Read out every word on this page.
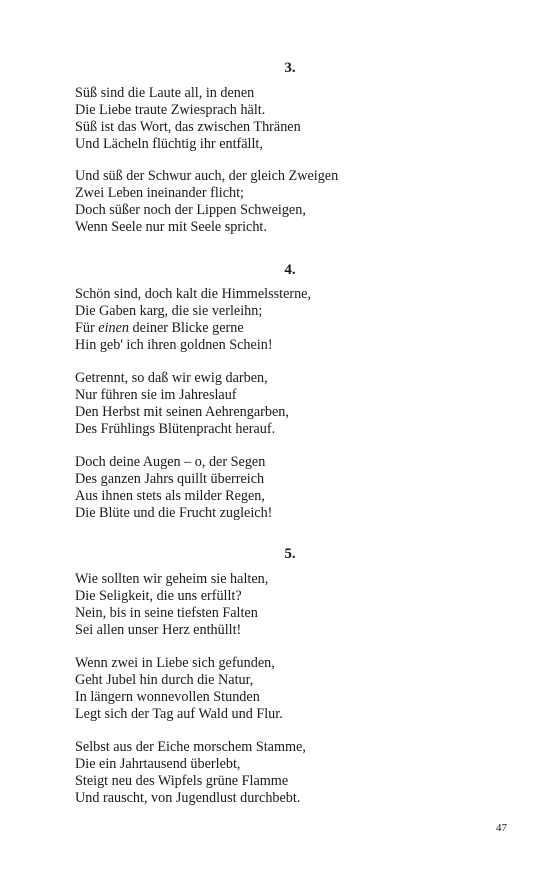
3.
Süß sind die Laute all, in denen
Die Liebe traute Zwiesprach hält.
Süß ist das Wort, das zwischen Thränen
Und Lächeln flüchtig ihr entfällt,
Und süß der Schwur auch, der gleich Zweigen
Zwei Leben ineinander flicht;
Doch süßer noch der Lippen Schweigen,
Wenn Seele nur mit Seele spricht.
4.
Schön sind, doch kalt die Himmelssterne,
Die Gaben karg, die sie verleihn;
Für einen deiner Blicke gerne
Hin geb' ich ihren goldnen Schein!
Getrennt, so daß wir ewig darben,
Nur führen sie im Jahreslauf
Den Herbst mit seinen Aehrengarben,
Des Frühlings Blütenpracht herauf.
Doch deine Augen – o, der Segen
Des ganzen Jahrs quillt überreich
Aus ihnen stets als milder Regen,
Die Blüte und die Frucht zugleich!
5.
Wie sollten wir geheim sie halten,
Die Seligkeit, die uns erfüllt?
Nein, bis in seine tiefsten Falten
Sei allen unser Herz enthüllt!
Wenn zwei in Liebe sich gefunden,
Geht Jubel hin durch die Natur,
In längern wonnevollen Stunden
Legt sich der Tag auf Wald und Flur.
Selbst aus der Eiche morschem Stamme,
Die ein Jahrtausend überlebt,
Steigt neu des Wipfels grüne Flamme
Und rauscht, von Jugendlust durchbebt.
47
